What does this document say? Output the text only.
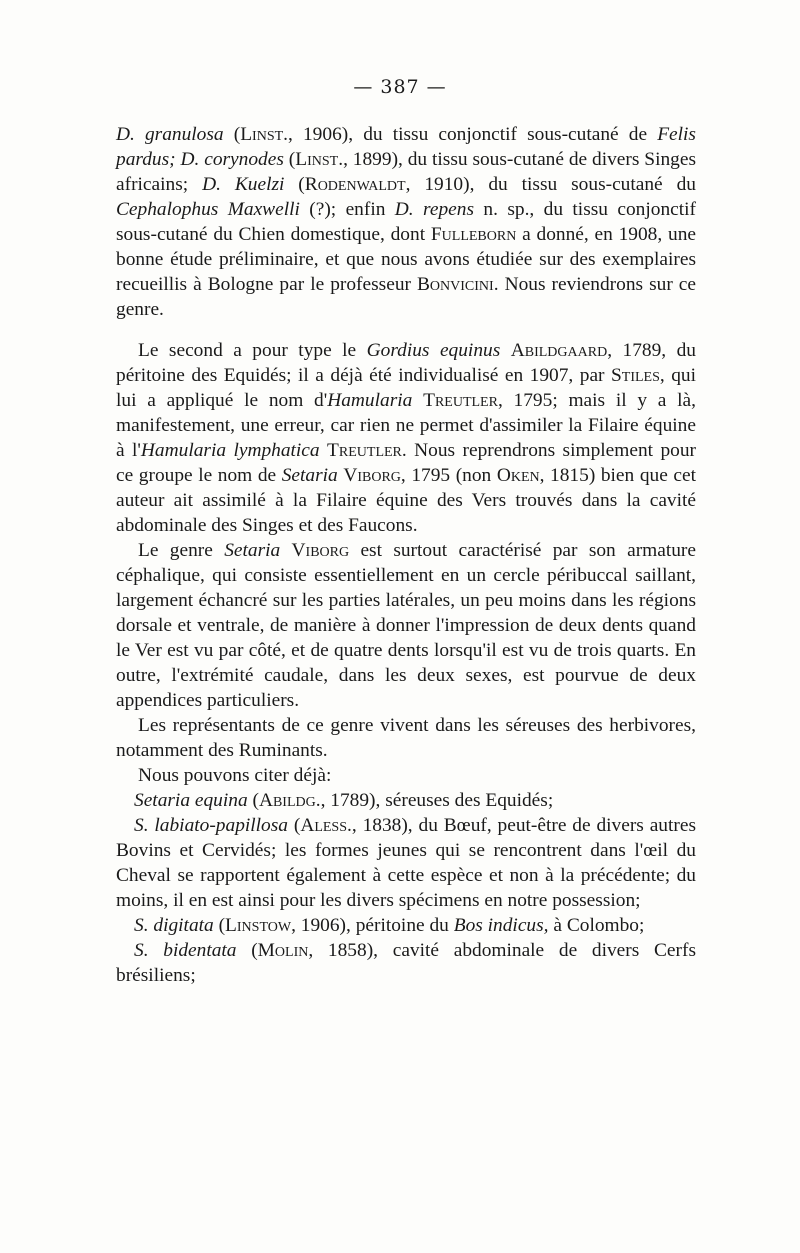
— 387 —

D. granulosa (Linst., 1906), du tissu conjonctif sous-cutané de Felis pardus; D. corynodes (Linst., 1899), du tissu sous-cutané de divers Singes africains; D. Kuelzi (Rodenwaldt, 1910), du tissu sous-cutané du Cephalophus Maxwelli (?); enfin D. repens n. sp., du tissu conjonctif sous-cutané du Chien domestique, dont Fulleborn a donné, en 1908, une bonne étude préliminaire, et que nous avons étudiée sur des exemplaires recueillis à Bologne par le professeur Bonvicini. Nous reviendrons sur ce genre.

Le second a pour type le Gordius equinus Abildgaard, 1789, du péritoine des Equidés; il a déjà été individualisé en 1907, par Stiles, qui lui a appliqué le nom d'Hamularia Treutler, 1795; mais il y a là, manifestement, une erreur, car rien ne permet d'assimiler la Filaire équine à l'Hamularia lymphatica Treutler. Nous reprendrons simplement pour ce groupe le nom de Setaria Viborg, 1795 (non Oken, 1815) bien que cet auteur ait assimilé à la Filaire équine des Vers trouvés dans la cavité abdominale des Singes et des Faucons.

Le genre Setaria Viborg est surtout caractérisé par son armature céphalique, qui consiste essentiellement en un cercle péribuccal saillant, largement échancré sur les parties latérales, un peu moins dans les régions dorsale et ventrale, de manière à donner l'impression de deux dents quand le Ver est vu par côté, et de quatre dents lorsqu'il est vu de trois quarts. En outre, l'extrémité caudale, dans les deux sexes, est pourvue de deux appendices particuliers.

Les représentants de ce genre vivent dans les séreuses des herbivores, notamment des Ruminants.

Nous pouvons citer déjà:

Setaria equina (Abildg., 1789), séreuses des Equidés;

S. labiato-papillosa (Aless., 1838), du Bœuf, peut-être de divers autres Bovins et Cervidés; les formes jeunes qui se rencontrent dans l'œil du Cheval se rapportent également à cette espèce et non à la précédente; du moins, il en est ainsi pour les divers spécimens en notre possession;

S. digitata (Linstow, 1906), péritoine du Bos indicus, à Colombo;

S. bidentata (Molin, 1858), cavité abdominale de divers Cerfs brésiliens;
